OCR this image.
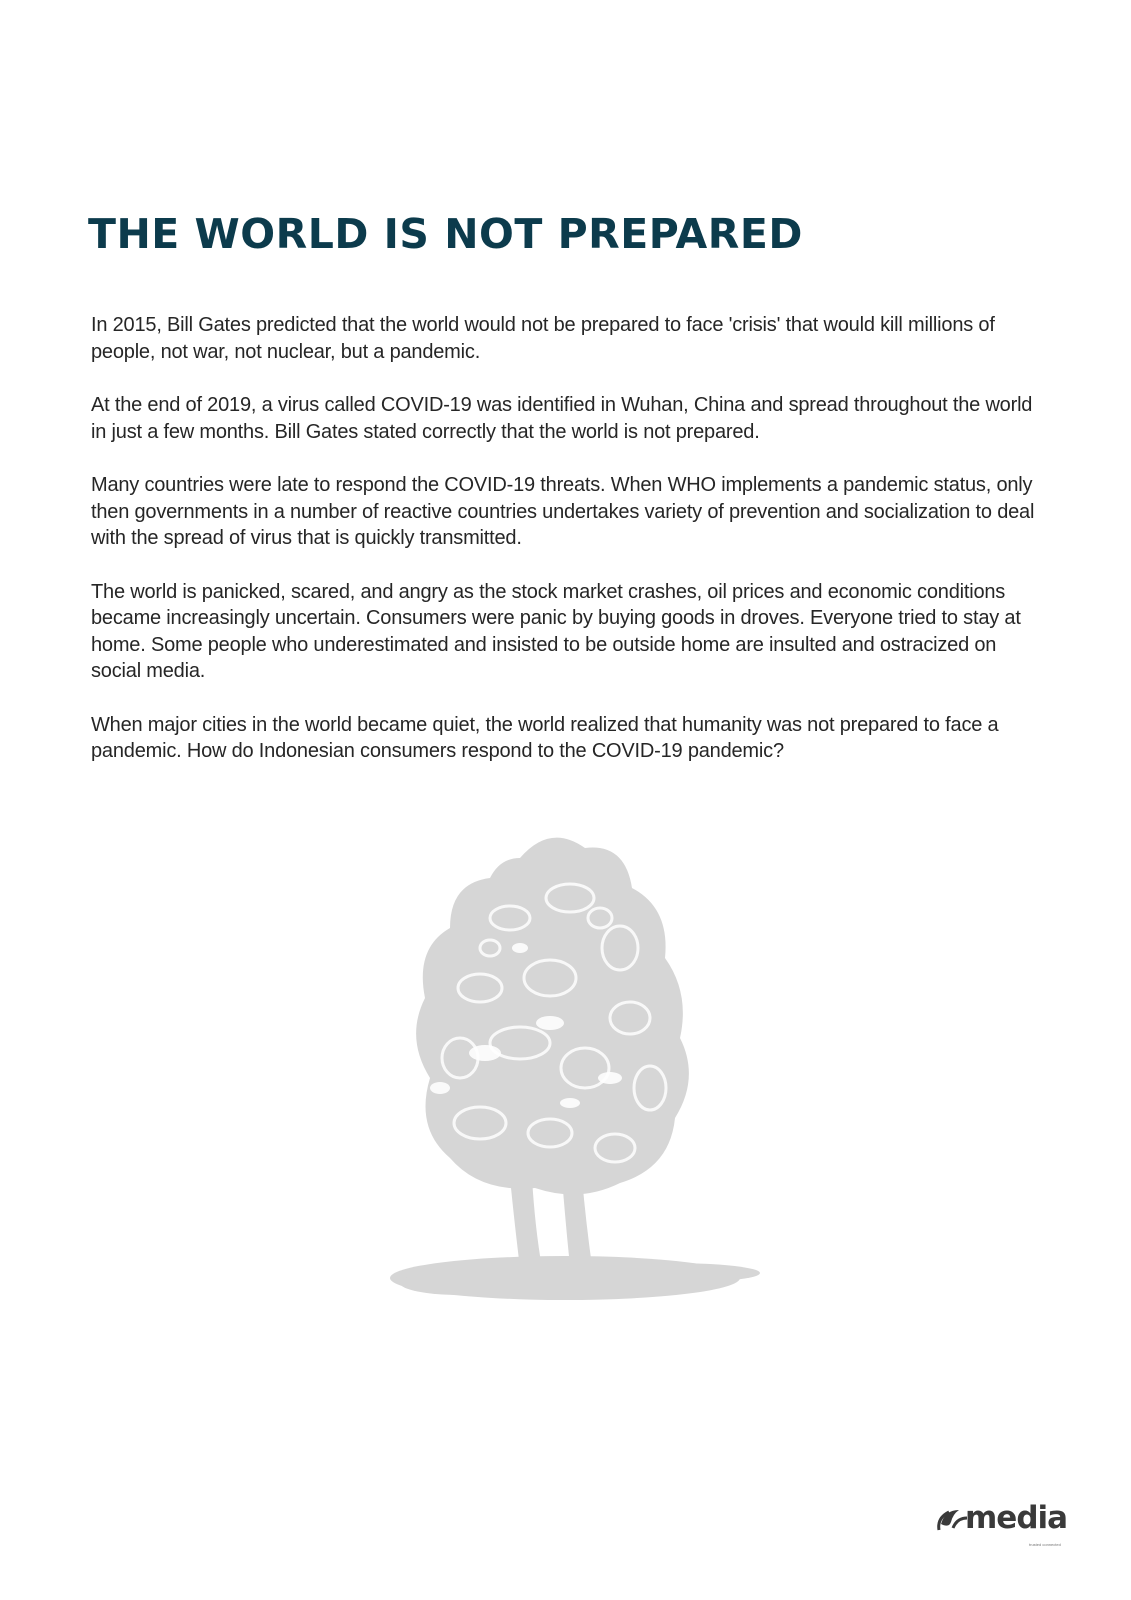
THE WORLD IS NOT PREPARED

In 2015, Bill Gates predicted that the world would not be prepared to face 'crisis' that would kill millions of people, not war, not nuclear, but a pandemic.

At the end of 2019, a virus called COVID-19 was identified in Wuhan, China and spread throughout the world in just a few months. Bill Gates stated correctly that the world is not prepared.

Many countries were late to respond the COVID-19 threats. When WHO implements a pandemic status, only then governments in a number of reactive countries undertakes variety of prevention and socialization to deal with the spread of virus that is quickly transmitted.

The world is panicked, scared, and angry as the stock market crashes, oil prices and economic conditions became increasingly uncertain. Consumers were panic by buying goods in droves. Everyone tried to stay at home. Some people who underestimated and insisted to be outside home are insulted and ostracized on social media.

When major cities in the world became quiet, the world realized that humanity was not prepared to face a pandemic. How do Indonesian consumers respond to the COVID-19 pandemic?

media
trusted connected
